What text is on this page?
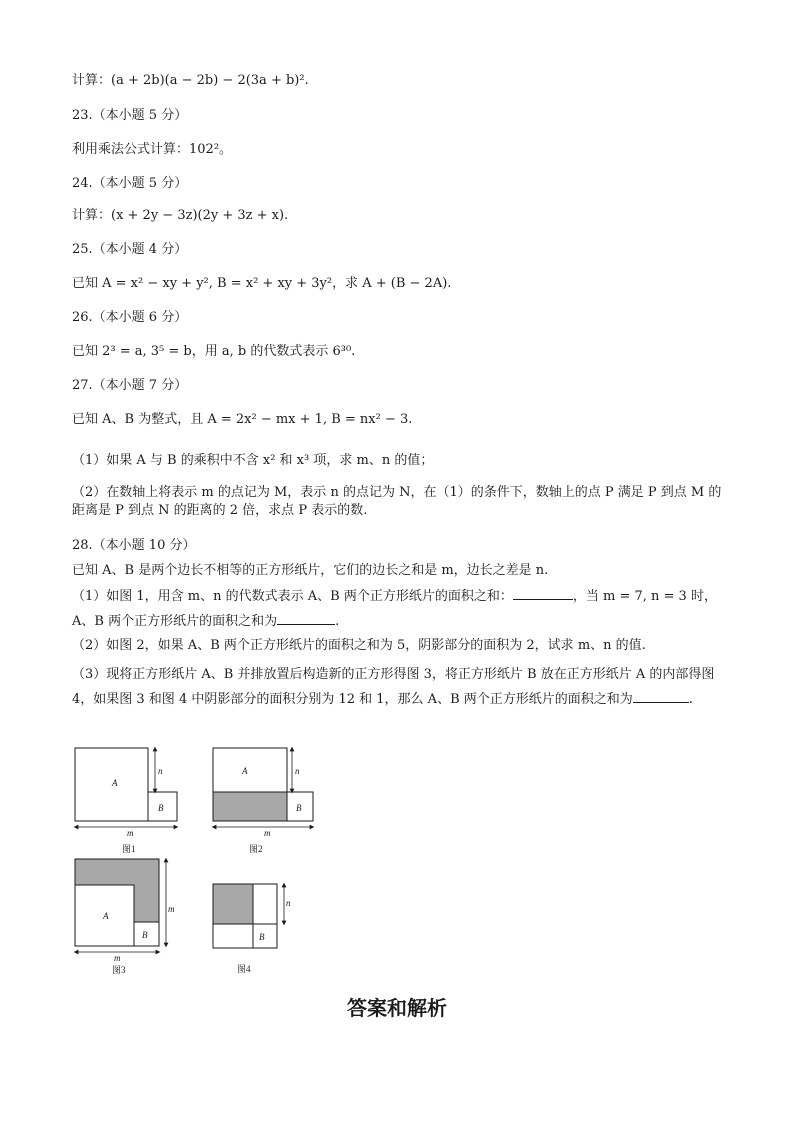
计算：(a + 2b)(a − 2b) − 2(3a + b)².
23.（本小题 5 分）
利用乘法公式计算：102²。
24.（本小题 5 分）
计算：(x + 2y − 3z)(2y + 3z + x).
25.（本小题 4 分）
已知 A = x² − xy + y², B = x² + xy + 3y²，求 A + (B − 2A).
26.（本小题 6 分）
已知 2³ = a, 3⁵ = b，用 a, b 的代数式表示 6³⁰.
27.（本小题 7 分）
已知 A、B 为整式，且 A = 2x² − mx + 1, B = nx² − 3.
（1）如果 A 与 B 的乘积中不含 x² 和 x³ 项，求 m、n 的值；
（2）在数轴上将表示 m 的点记为 M，表示 n 的点记为 N，在（1）的条件下，数轴上的点 P 满足 P 到点 M 的距离是 P 到点 N 的距离的 2 倍，求点 P 表示的数.
28.（本小题 10 分）
已知 A、B 是两个边长不相等的正方形纸片，它们的边长之和是 m，边长之差是 n.
（1）如图 1，用含 m、n 的代数式表示 A、B 两个正方形纸片的面积之和：	，当 m = 7, n = 3 时，
A、B 两个正方形纸片的面积之和为	.
（2）如图 2，如果 A、B 两个正方形纸片的面积之和为 5，阴影部分的面积为 2，试求 m、n 的值.
（3）现将正方形纸片 A、B 并排放置后构造新的正方形得图 3，将正方形纸片 B 放在正方形纸片 A 的内部得图 4，如果图 3 和图 4 中阴影部分的面积分别为 12 和 1，那么 A、B 两个正方形纸片的面积之和为	.
A
B
n
m
图1
A
B
n
m
图2
A
B
m
m
图3
B
n
图4
答案和解析
